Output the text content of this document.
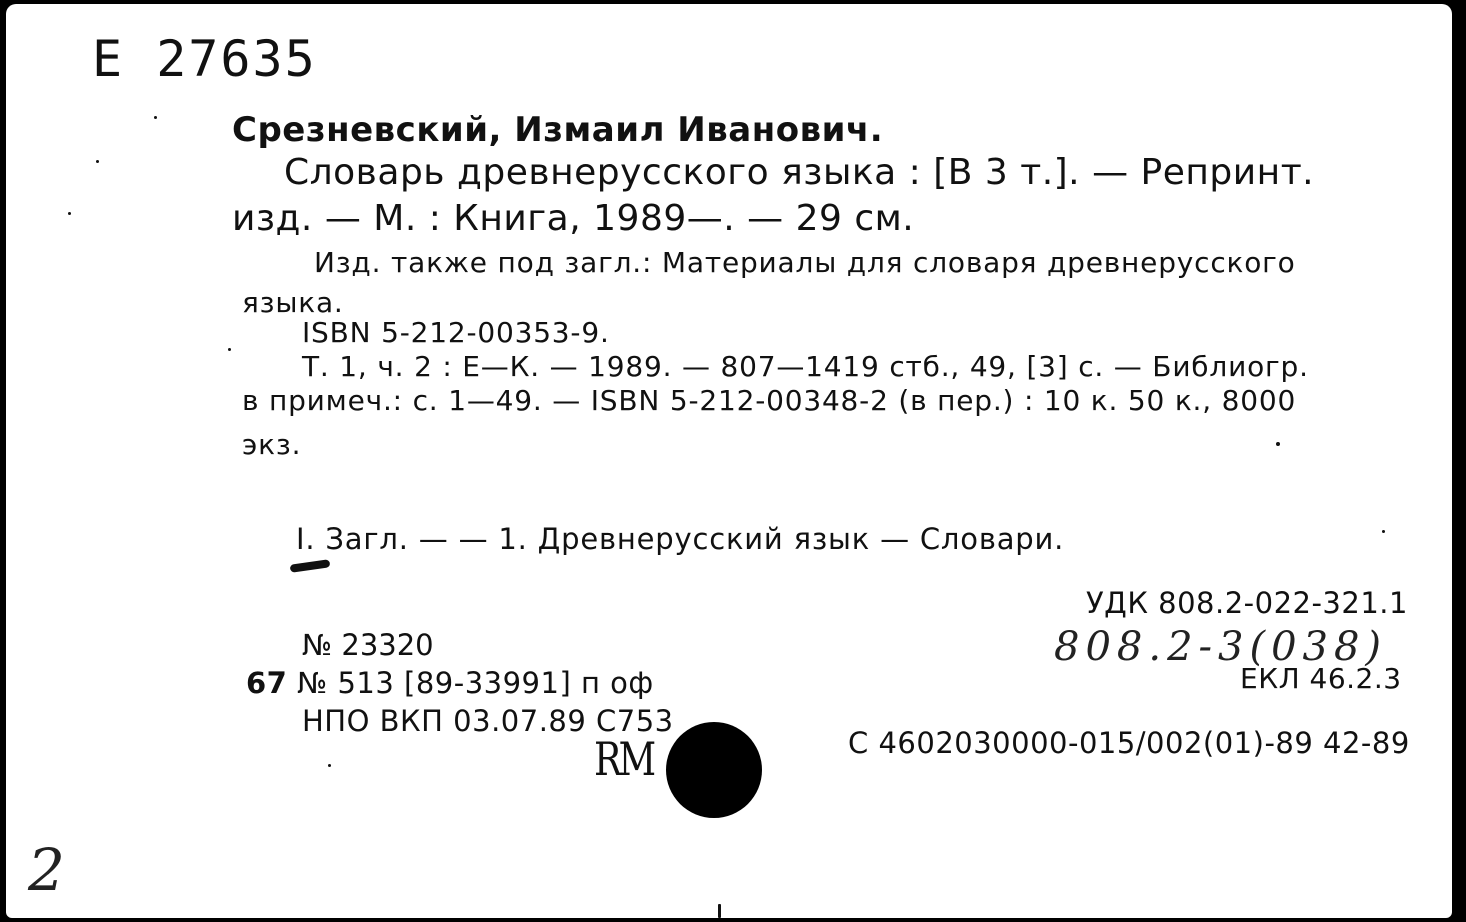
Е 27635
Срезневский, Измаил Иванович.
Словарь древнерусского языка : [В 3 т.]. — Репринт.
изд. — М. : Книга, 1989—. — 29 см.
Изд. также под загл.: Материалы для словаря древнерусского
языка.
ISBN 5-212-00353-9.
Т. 1, ч. 2 : Е—К. — 1989. — 807—1419 стб., 49, [3] с. — Библиогр.
в примеч.: с. 1—49. — ISBN 5-212-00348-2 (в пер.) : 10 к. 50 к., 8000
экз.
I. Загл. — — 1. Древнерусский язык — Словари.
УДК 808.2-022-321.1
808.2-3(038)
ЕКЛ 46.2.3
№ 23320
67 № 513 [89-33991] п оф
НПО ВКП 03.07.89 С753
RM	С 4602030000-015/002(01)-89 42-89
2
